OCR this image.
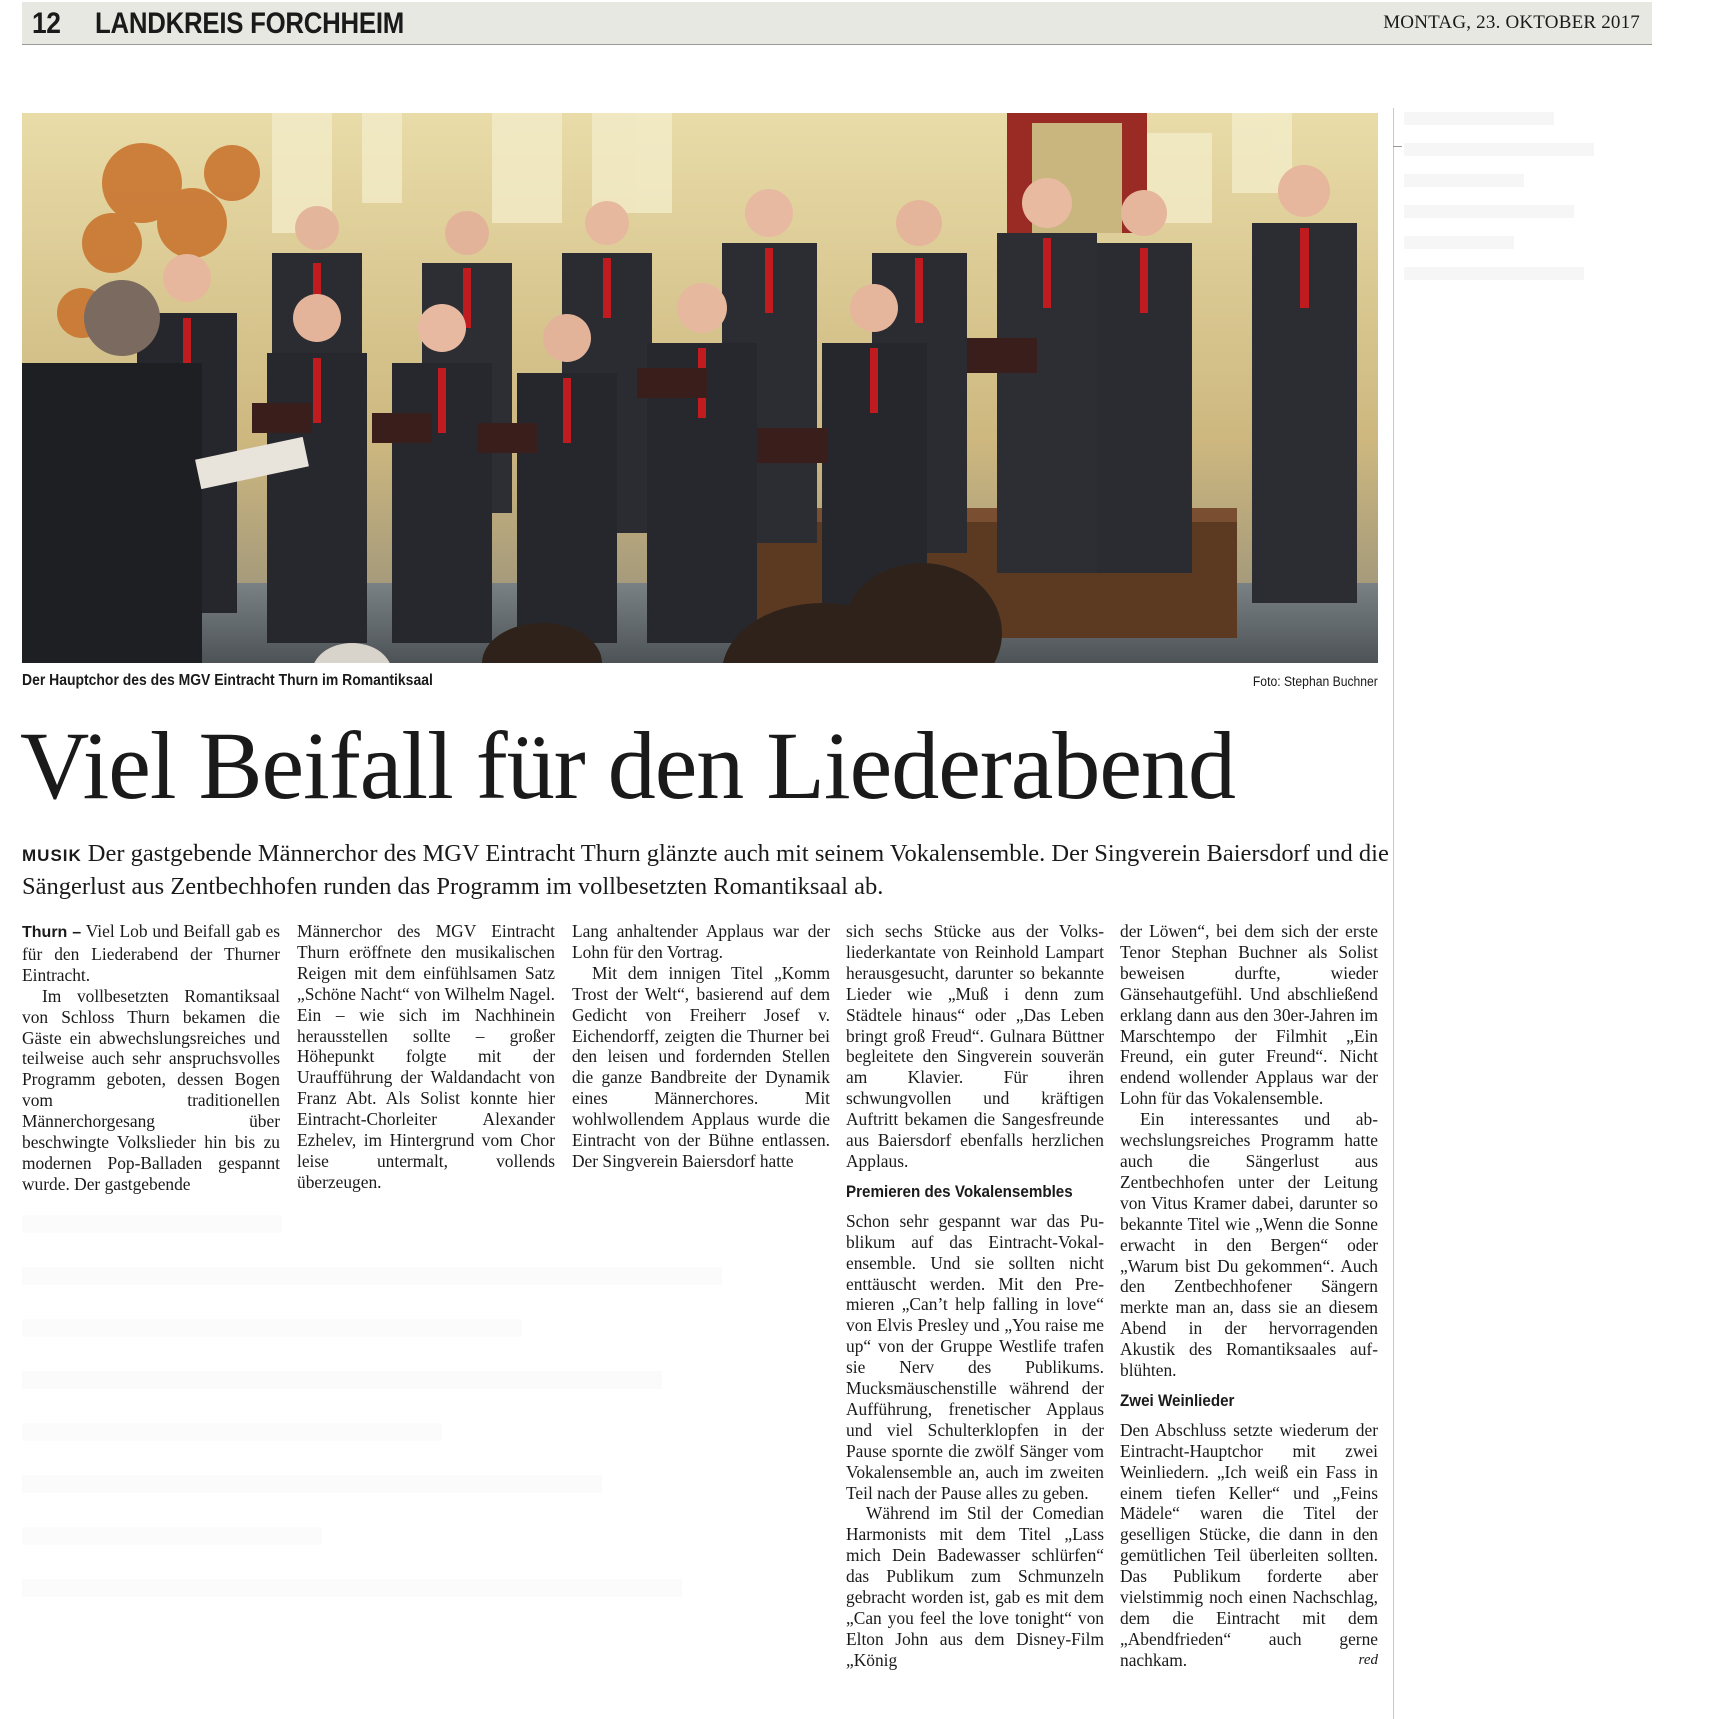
12 LANDKREIS FORCHHEIM	MONTAG, 23. OKTOBER 2017
Der Hauptchor des des MGV Eintracht Thurn im Romantiksaal	Foto: Stephan Buchner
Viel Beifall für den Liederabend
MUSIK Der gastgebende Männerchor des MGV Eintracht Thurn glänzte auch mit seinem Vokalensemble. Der Singverein Baiersdorf und die Sängerlust aus Zentbechhofen runden das Programm im vollbesetzten Romantiksaal ab.

Thurn – Viel Lob und Beifall gab es für den Liederabend der Thurner Eintracht.

Im vollbesetzten Romantiksaal von Schloss Thurn bekamen die Gäste ein abwechslungsreiches und teilweise auch sehr anspruchsvolles Programm geboten, dessen Bogen vom traditionellen Männerchorgesang über beschwingte Volkslieder hin bis zu modernen Pop-Balladen gespannt wurde. Der gastgebende

Männerchor des MGV Eintracht Thurn eröffnete den musikalischen Reigen mit dem einfühlsamen Satz „Schöne Nacht“ von Wilhelm Nagel. Ein – wie sich im Nachhinein herausstellen sollte – großer Höhepunkt folgte mit der Uraufführung der Waldandacht von Franz Abt. Als Solist konnte hier Eintracht-Chorleiter Alexander Ezhelev, im Hintergrund vom Chor leise untermalt, vollends überzeugen.

Lang anhaltender Applaus war der Lohn für den Vortrag.

Mit dem innigen Titel „Komm Trost der Welt“, basierend auf dem Gedicht von Freiherr Josef v. Eichendorff, zeigten die Thurner bei den leisen und fordernden Stellen die ganze Bandbreite der Dynamik eines Männerchores. Mit wohlwollendem Applaus wurde die Eintracht von der Bühne entlassen. Der Singverein Baiersdorf hatte

sich sechs Stücke aus der Volksliederkantate von Reinhold Lampart herausgesucht, darunter so bekannte Lieder wie „Muß i denn zum Städtele hinaus“ oder „Das Leben bringt groß Freud“. Gulnara Büttner begleitete den Singverein souverän am Klavier. Für ihren schwungvollen und kräftigen Auftritt bekamen die Sangesfreunde aus Baiersdorf ebenfalls herzlichen Applaus.

Premieren des Vokalensembles

Schon sehr gespannt war das Publikum auf das Eintracht-Vokalensemble. Und sie sollten nicht enttäuscht werden. Mit den Premieren „Can’t help falling in love“ von Elvis Presley und „You raise me up“ von der Gruppe Westlife trafen sie Nerv des Publikums. Mucksmäuschenstille während der Aufführung, frenetischer Applaus und viel Schulterklopfen in der Pause spornte die zwölf Sänger vom Vokalensemble an, auch im zweiten Teil nach der Pause alles zu geben.

Während im Stil der Comedian Harmonists mit dem Titel „Lass mich Dein Badewasser schlürfen“ das Publikum zum Schmunzeln gebracht worden ist, gab es mit dem „Can you feel the love tonight“ von Elton John aus dem Disney-Film „König

der Löwen“, bei dem sich der erste Tenor Stephan Buchner als Solist beweisen durfte, wieder Gänsehautgefühl. Und abschließend erklang dann aus den 30er-Jahren im Marschtempo der Filmhit „Ein Freund, ein guter Freund“. Nicht endend wollender Applaus war der Lohn für das Vokalensemble.

Ein interessantes und abwechslungsreiches Programm hatte auch die Sängerlust aus Zentbechhofen unter der Leitung von Vitus Kramer dabei, darunter so bekannte Titel wie „Wenn die Sonne erwacht in den Bergen“ oder „Warum bist Du gekommen“. Auch den Zentbechhofener Sängern merkte man an, dass sie an diesem Abend in der hervorragenden Akustik des Romantiksaales aufblühten.

Zwei Weinlieder

Den Abschluss setzte wiederum der Eintracht-Hauptchor mit zwei Weinliedern. „Ich weiß ein Fass in einem tiefen Keller“ und „Feins Mädele“ waren die Titel der geselligen Stücke, die dann in den gemütlichen Teil überleiten sollten. Das Publikum forderte aber vielstimmig noch einen Nachschlag, dem die Eintracht mit dem „Abendfrieden“ auch gerne nachkam.	red
